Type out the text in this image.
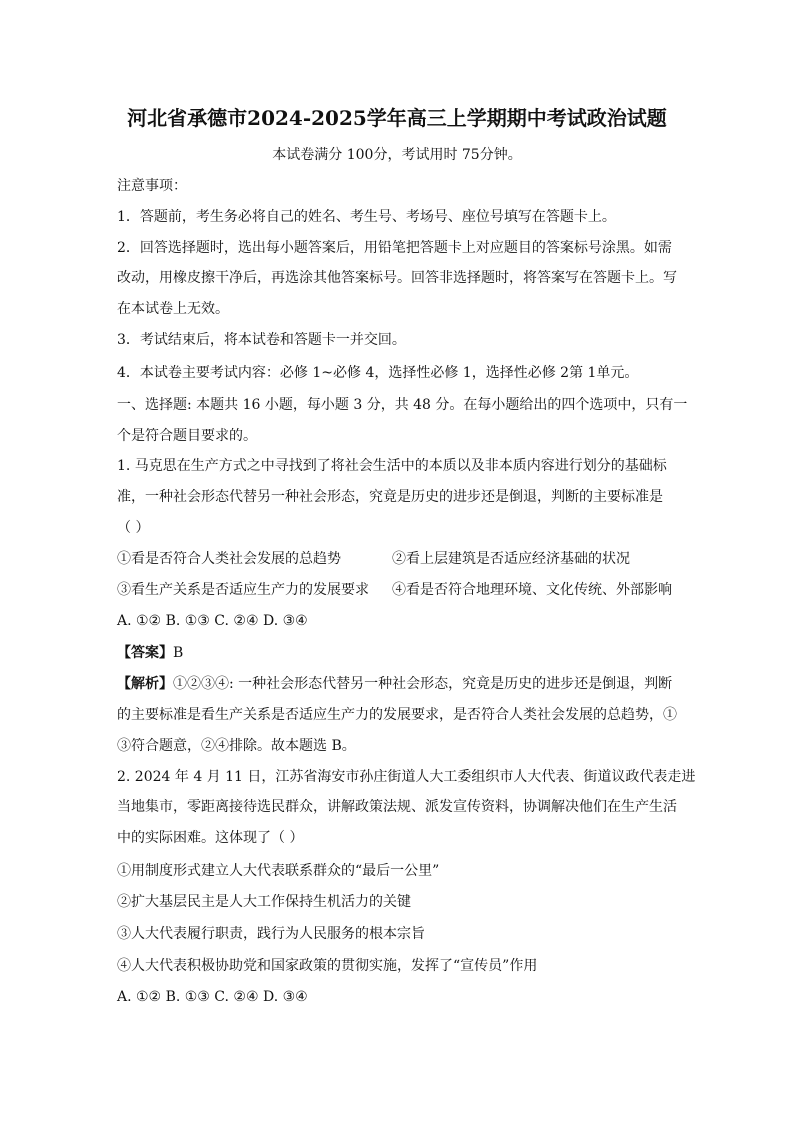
河北省承德市2024-2025学年高三上学期期中考试政治试题
本试卷满分 100分，考试用时 75分钟。
注意事项：
1．答题前，考生务必将自己的姓名、考生号、考场号、座位号填写在答题卡上。
2．回答选择题时，选出每小题答案后，用铅笔把答题卡上对应题目的答案标号涂黑。如需
改动，用橡皮擦干净后，再选涂其他答案标号。回答非选择题时，将答案写在答题卡上。写
在本试卷上无效。
3．考试结束后，将本试卷和答题卡一并交回。
4．本试卷主要考试内容：必修 1~必修 4，选择性必修 1，选择性必修 2第 1单元。
一、选择题: 本题共 16 小题，每小题 3 分，共 48 分。在每小题给出的四个选项中，只有一
个是符合题目要求的。
1. 马克思在生产方式之中寻找到了将社会生活中的本质以及非本质内容进行划分的基础标
准，一种社会形态代替另一种社会形态，究竟是历史的进步还是倒退，判断的主要标准是
（ ）
①看是否符合人类社会发展的总趋势	②看上层建筑是否适应经济基础的状况
③看生产关系是否适应生产力的发展要求 ④看是否符合地理环境、文化传统、外部影响
A. ①② B. ①③ C. ②④ D. ③④
【答案】B
【解析】①②③④: 一种社会形态代替另一种社会形态，究竟是历史的进步还是倒退，判断
的主要标准是看生产关系是否适应生产力的发展要求，是否符合人类社会发展的总趋势，①
③符合题意，②④排除。故本题选 B。
2. 2024 年 4 月 11 日，江苏省海安市孙庄街道人大工委组织市人大代表、街道议政代表走进
当地集市，零距离接待选民群众，讲解政策法规、派发宣传资料，协调解决他们在生产生活
中的实际困难。这体现了（ ）
①用制度形式建立人大代表联系群众的“最后一公里”
②扩大基层民主是人大工作保持生机活力的关键
③人大代表履行职责，践行为人民服务的根本宗旨
④人大代表积极协助党和国家政策的贯彻实施，发挥了“宣传员”作用
A. ①② B. ①③ C. ②④ D. ③④
